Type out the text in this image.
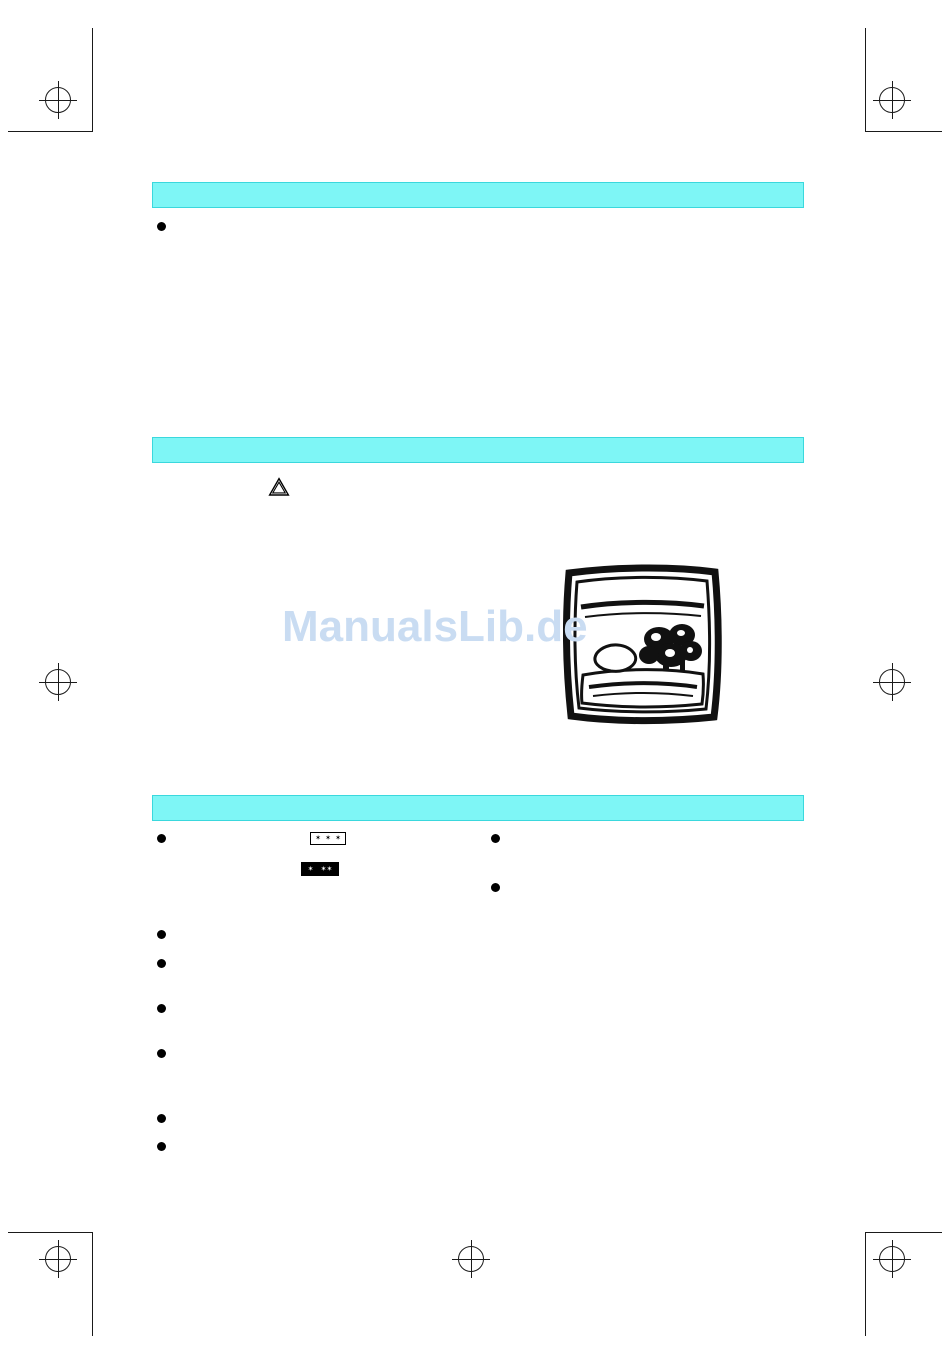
ManualsLib.de
✶ ✶ ✶
✶ ✶✶
